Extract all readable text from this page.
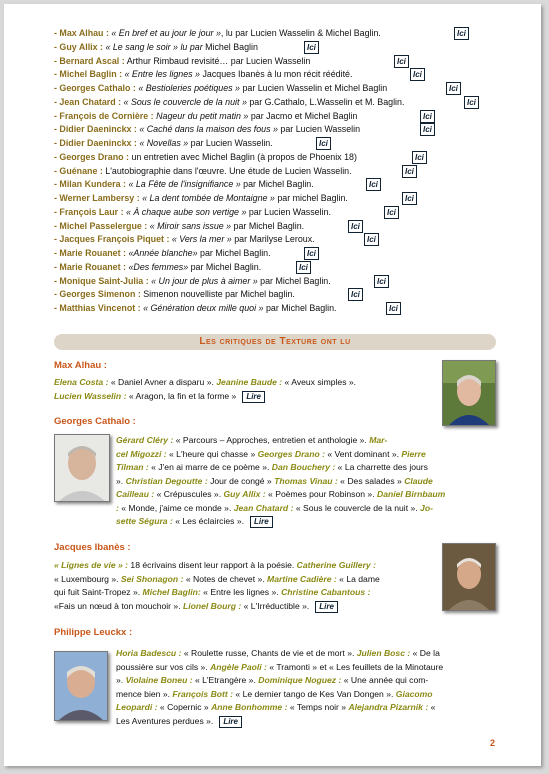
- Max Alhau : « En bref et au jour le jour », lu par Lucien Wasselin & Michel Baglin.	Ici
- Guy Allix : « Le sang le soir » lu par Michel Baglin	Ici
- Bernard Ascal : Arthur Rimbaud revisité… par Lucien Wasselin	Ici
- Michel Baglin : « Entre les lignes » Jacques Ibanès à lu mon récit réédité.	Ici
- Georges Cathalo : « Bestioleries poétiques » par Lucien Wasselin et Michel Baglin	Ici
- Jean Chatard : « Sous le couvercle de la nuit » par G.Cathalo, L.Wasselin et M. Baglin.	Ici
- François de Cornière : Nageur du petit matin » par Jacmo et Michel Baglin	Ici
- Didier Daeninckx : « Caché dans la maison des fous » par Lucien Wasselin	Ici
- Didier Daeninckx : « Novellas » par Lucien Wasselin.	Ici
- Georges Drano : un entretien avec Michel Baglin (à propos de Phoenix 18)	Ici
- Guénane : L'autobiographie dans l'œuvre. Une étude de Lucien Wasselin.	Ici
- Milan Kundera : « La Fête de l'insignifiance » par Michel Baglin.	Ici
- Werner Lambersy : « La dent tombée de Montaigne » par michel Baglin.	Ici
- François Laur : « À chaque aube son vertige » par Lucien Wasselin.	Ici
- Michel Passelergue : « Miroir sans issue » par Michel Baglin.	Ici
- Jacques François Piquet : « Vers la mer » par Marilyse Leroux.	Ici
- Marie Rouanet : «Année blanche» par Michel Baglin.	Ici
- Marie Rouanet : «Des femmes» par Michel Baglin.	Ici
- Monique Saint-Julia : « Un jour de plus à aimer » par Michel Baglin.	Ici
- Georges Simenon : Simenon nouvelliste par Michel baglin.	Ici
- Matthias Vincenot : « Génération deux mille quoi » par Michel Baglin.	Ici
Les critiques de Texture ont lu
Max Alhau :
Elena Costa : « Daniel Avner a disparu ». Jeanine Baude : « Aveux simples ».
Lucien Wasselin : « Aragon, la fin et la forme » Lire
Georges Cathalo :
Gérard Cléry : « Parcours – Approches, entretien et anthologie ». Mar-
cel Migozzi : « L'heure qui chasse » Georges Drano : « Vent dominant ». Pierre
Tilman : « J'en ai marre de ce poème ». Dan Bouchery : « La charrette des jours
». Christian Degoutte : Jour de congé » Thomas Vinau : « Des salades » Claude
Cailleau : « Crépuscules ». Guy Allix : « Poèmes pour Robinson ». Daniel Birnbaum
: « Monde, j'aime ce monde ». Jean Chatard : « Sous le couvercle de la nuit ». Jo-
sette Ségura : « Les éclaircies ». Lire
Jacques Ibanès :
« Lignes de vie » : 18 écrivains disent leur rapport à la poésie. Catherine Guillery :
« Luxembourg ». Sei Shonagon : « Notes de chevet ». Martine Cadière : « La dame
qui fuit Saint-Tropez ». Michel Baglin: « Entre les lignes ». Christine Cabantous :
«Fais un nœud à ton mouchoir ». Lionel Bourg : « L'Irréductible ». Lire
Philippe Leuckx :
Horia Badescu : « Roulette russe, Chants de vie et de mort ». Julien Bosc : « De la
poussière sur vos cils ». Angèle Paoli : « Tramonti » et « Les feuillets de la Minotaure
». Violaine Boneu : « L'Etrangère ». Dominique Noguez : « Une année qui com-
mence bien ». François Bott : « Le dernier tango de Kes Van Dongen ». Giacomo
Leopardi : « Copernic » Anne Bonhomme : « Temps noir » Alejandra Pizarnik : «
Les Aventures perdues ». Lire
2
